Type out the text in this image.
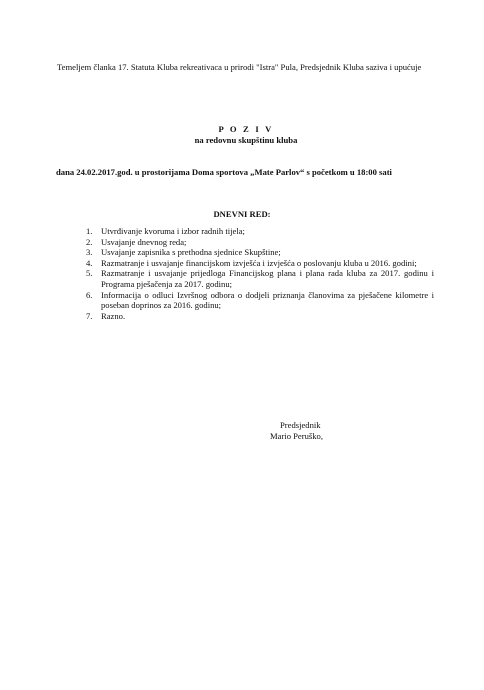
Temeljem članka 17. Statuta Kluba rekreativaca u prirodi "Istra" Pula, Predsjednik Kluba saziva i upućuje
P O Z I V
na redovnu skupštinu kluba
dana 24.02.2017.god. u prostorijama Doma sportova „Mate Parlov“ s početkom u 18:00 sati
DNEVNI RED:
1. Utvrđivanje kvoruma i izbor radnih tijela;
2. Usvajanje dnevnog reda;
3. Usvajanje zapisnika s prethodna sjednice Skupštine;
4. Razmatranje i usvajanje financijskom izvješća i izvješća o poslovanju kluba u 2016. godini;
5. Razmatranje i usvajanje prijedloga Financijskog plana i plana rada kluba za 2017. godinu i Programa pješačenja za 2017. godinu;
6. Informacija o odluci Izvršnog odbora o dodjeli priznanja članovima za pješačene kilometre i poseban doprinos za 2016. godinu;
7. Razno.
Predsjednik
Mario Peruško,
